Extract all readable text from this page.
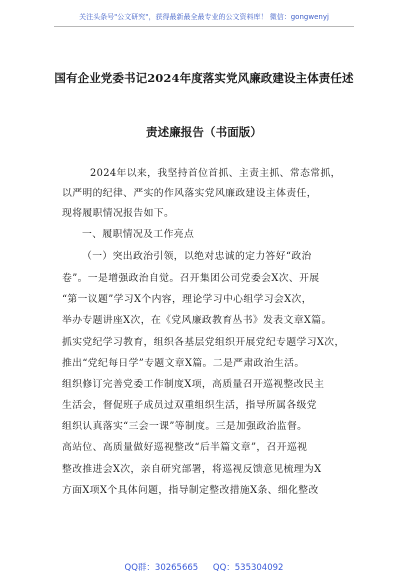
关注头条号"公文研究"，获得最新最全最专业的公文资料库！ 微信：gongwenyj
国有企业党委书记2024年度落实党风廉政建设主体责任述
责述廉报告（书面版）
2024年以来，我坚持首位首抓、主责主抓、常态常抓，
以严明的纪律、严实的作风落实党风廉政建设主体责任，
现将履职情况报告如下。
一、履职情况及工作亮点
（一）突出政治引领，以绝对忠诚的定力答好“政治
卷”。一是增强政治自觉。召开集团公司党委会X次、开展
“第一议题”学习X个内容，理论学习中心组学习会X次，
举办专题讲座X次，在《党风廉政教育丛书》发表文章X篇。
抓实党纪学习教育，组织各基层党组织开展党纪专题学习X次，
推出“党纪每日学”专题文章X篇。二是严肃政治生活。
组织修订完善党委工作制度X项，高质量召开巡视整改民主
生活会，督促班子成员过双重组织生活，指导所属各级党
组织认真落实“三会一课”等制度。三是加强政治监督。
高站位、高质量做好巡视整改“后半篇文章”，召开巡视
整改推进会X次，亲自研究部署，将巡视反馈意见梳理为X
方面X项X个具体问题，指导制定整改措施X条、细化整改
QQ群：30265665 QQ：535304092
